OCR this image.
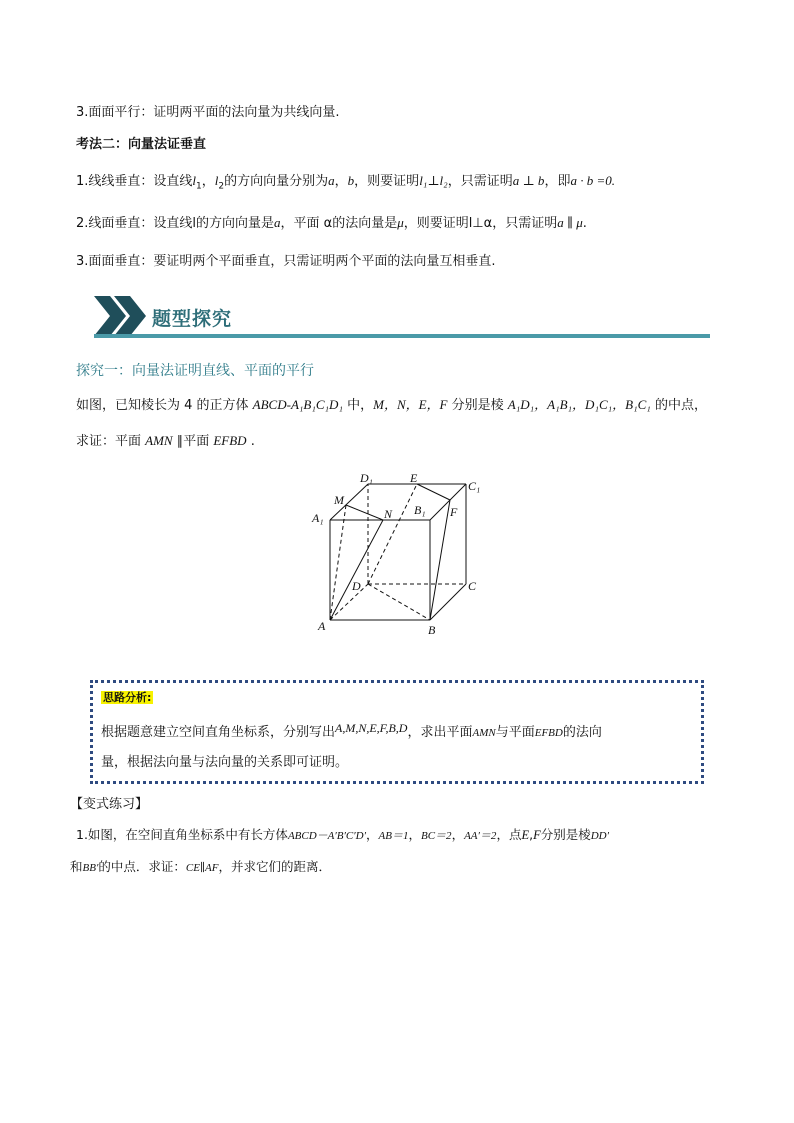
3.面面平行：证明两平面的法向量为共线向量.
考法二：向量法证垂直
1.线线垂直：设直线$l_1$，$l_2$的方向向量分别为a，b，则要证明l₁⊥l₂，只需证明a ⊥ b，即a · b =0.
2.线面垂直：设直线l的方向向量是a，平面 α的法向量是μ，则要证明l⊥α，只需证明a ∥ μ.
3.面面垂直：要证明两个平面垂直，只需证明两个平面的法向量互相垂直.
题型探究
探究一：向量法证明直线、平面的平行
如图，已知棱长为 4 的正方体 ABCD-A₁B₁C₁D₁ 中，M，N，E，F 分别是棱 A₁D₁，A₁B₁，D₁C₁，B₁C₁ 的中点，
求证：平面 AMN ∥平面 EFBD .
D₁	E
C₁
M
N B₁ F
A₁
D	C
A	B
思路分析:
根据题意建立空间直角坐标系，分别写出A,M,N,E,F,B,D，求出平面AMN与平面EFBD的法向
量，根据法向量与法向量的关系即可证明。
【变式练习】
1.如图，在空间直角坐标系中有长方体ABCD－A′B′C′D′，AB＝1，BC＝2，AA′＝2，点E,F分别是棱DD′
和BB′的中点．求证：CE∥AF，并求它们的距离．
